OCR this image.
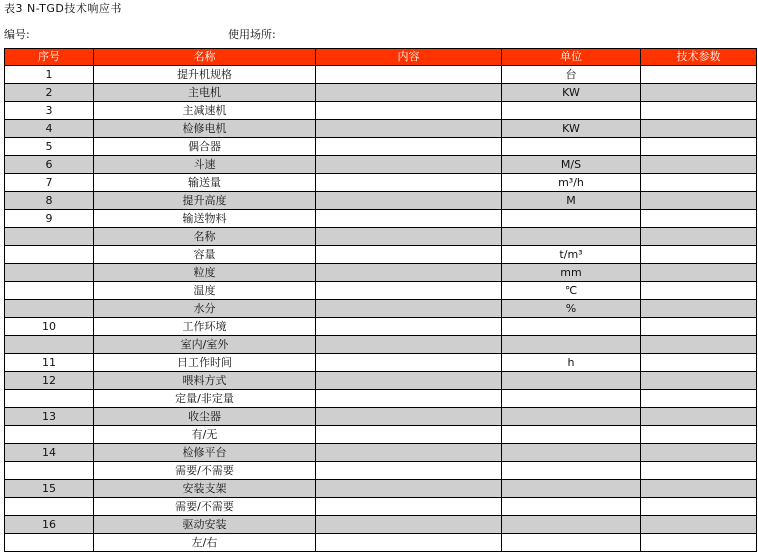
表3 N-TGD技术响应书
编号:	使用场所:
序号	名称	内容	单位	技术参数
1	提升机规格		台	
2	主电机		KW	
3	主减速机			
4	检修电机		KW	
5	偶合器			
6	斗速		M/S	
7	输送量		m³/h	
8	提升高度		M	
9	输送物料			
	名称			
	容量		t/m³	
	粒度		mm	
	温度		℃	
	水分		%	
10	工作环境			
	室内/室外			
11	日工作时间		h	
12	喂料方式			
	定量/非定量			
13	收尘器			
	有/无			
14	检修平台			
	需要/不需要			
15	安装支架			
	需要/不需要			
16	驱动安装			
	左/右			
